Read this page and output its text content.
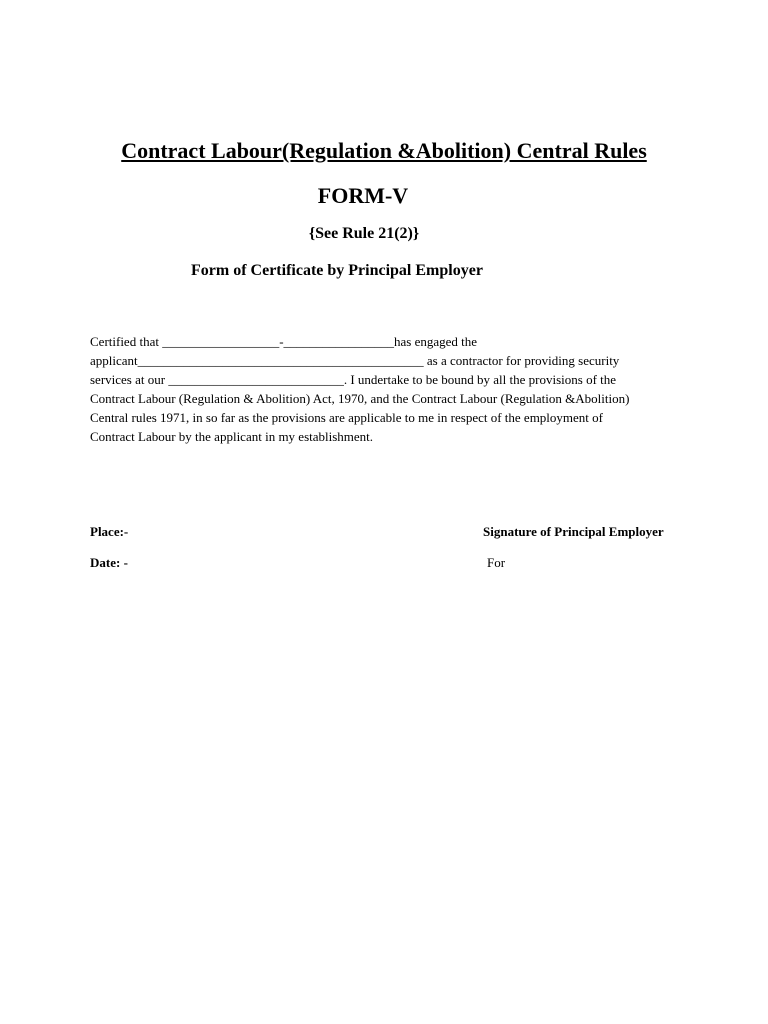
Contract Labour(Regulation &Abolition) Central Rules
FORM-V
{See Rule 21(2)}
Form of Certificate by Principal Employer
Certified that __________________-_________________has engaged the
applicant____________________________________________ as a contractor for providing security
services at our ___________________________. I undertake to be bound by all the provisions of the
Contract Labour (Regulation & Abolition) Act, 1970, and the Contract Labour (Regulation &Abolition)
Central rules 1971, in so far as the provisions are applicable to me in respect of the employment of
Contract Labour by the applicant in my establishment.
Place:-
Date: -
Signature of Principal Employer
For
